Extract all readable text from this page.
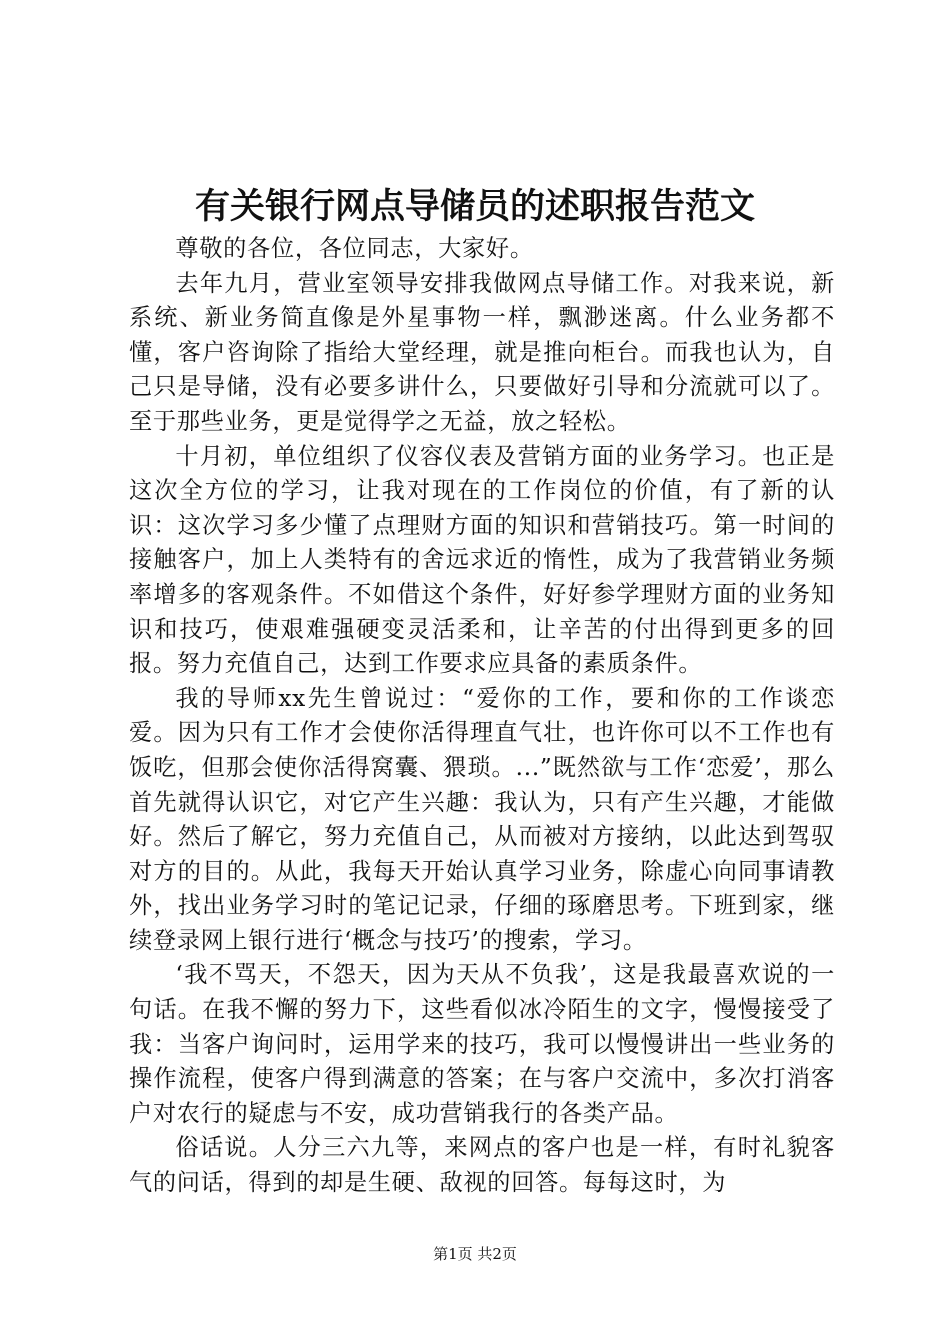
有关银行网点导储员的述职报告范文

尊敬的各位，各位同志，大家好。

去年九月，营业室领导安排我做网点导储工作。对我来说，新系统、新业务简直像是外星事物一样，飘渺迷离。什么业务都不懂，客户咨询除了指给大堂经理，就是推向柜台。而我也认为，自己只是导储，没有必要多讲什么，只要做好引导和分流就可以了。至于那些业务，更是觉得学之无益，放之轻松。

十月初，单位组织了仪容仪表及营销方面的业务学习。也正是这次全方位的学习，让我对现在的工作岗位的价值，有了新的认识：这次学习多少懂了点理财方面的知识和营销技巧。第一时间的接触客户，加上人类特有的舍远求近的惰性，成为了我营销业务频率增多的客观条件。不如借这个条件，好好参学理财方面的业务知识和技巧，使艰难强硬变灵活柔和，让辛苦的付出得到更多的回报。努力充值自己，达到工作要求应具备的素质条件。

我的导师xx先生曾说过：“爱你的工作，要和你的工作谈恋爱。因为只有工作才会使你活得理直气壮，也许你可以不工作也有饭吃，但那会使你活得窝囊、猥琐。...”既然欲与工作‘恋爱’，那么首先就得认识它，对它产生兴趣：我认为，只有产生兴趣，才能做好。然后了解它，努力充值自己，从而被对方接纳，以此达到驾驭对方的目的。从此，我每天开始认真学习业务，除虚心向同事请教外，找出业务学习时的笔记记录，仔细的琢磨思考。下班到家，继续登录网上银行进行‘概念与技巧’的搜索，学习。

‘我不骂天，不怨天，因为天从不负我’，这是我最喜欢说的一句话。在我不懈的努力下，这些看似冰冷陌生的文字，慢慢接受了我：当客户询问时，运用学来的技巧，我可以慢慢讲出一些业务的操作流程，使客户得到满意的答案；在与客户交流中，多次打消客户对农行的疑虑与不安，成功营销我行的各类产品。

俗话说。人分三六九等，来网点的客户也是一样，有时礼貌客气的问话，得到的却是生硬、敌视的回答。每每这时，为

第1页 共2页
